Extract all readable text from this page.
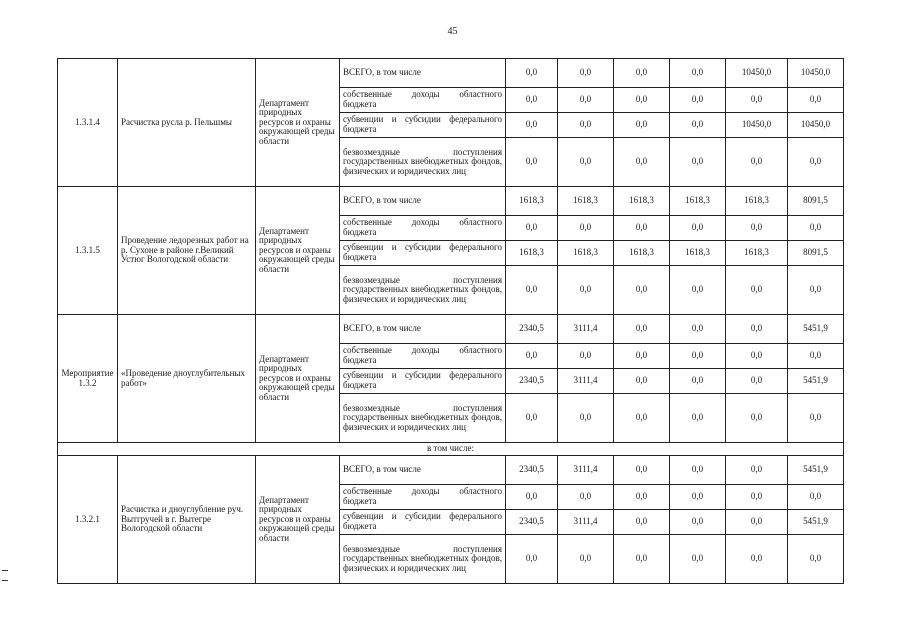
45
1.3.1.4	Расчистка русла р. Пельшмы	Департамент природных ресурсов и охраны окружающей среды области	ВСЕГО, в том числе	0,0	0,0	0,0	0,0	10450,0	10450,0
			собственные доходы областного бюджета	0,0	0,0	0,0	0,0	0,0	0,0
			субвенции и субсидии федерального бюджета	0,0	0,0	0,0	0,0	10450,0	10450,0
			безвозмездные поступления государственных внебюджетных фондов, физических и юридических лиц	0,0	0,0	0,0	0,0	0,0	0,0
1.3.1.5	Проведение ледорезных работ на р. Сухоне в районе г.Великий Устюг Вологодской области	Департамент природных ресурсов и охраны окружающей среды области	ВСЕГО, в том числе	1618,3	1618,3	1618,3	1618,3	1618,3	8091,5
			собственные доходы областного бюджета	0,0	0,0	0,0	0,0	0,0	0,0
			субвенции и субсидии федерального бюджета	1618,3	1618,3	1618,3	1618,3	1618,3	8091,5
			безвозмездные поступления государственных внебюджетных фондов, физических и юридических лиц	0,0	0,0	0,0	0,0	0,0	0,0
Мероприятие 1.3.2	«Проведение дноуглубительных работ»	Департамент природных ресурсов и охраны окружающей среды области	ВСЕГО, в том числе	2340,5	3111,4	0,0	0,0	0,0	5451,9
			собственные доходы областного бюджета	0,0	0,0	0,0	0,0	0,0	0,0
			субвенции и субсидии федерального бюджета	2340,5	3111,4	0,0	0,0	0,0	5451,9
			безвозмездные поступления государственных внебюджетных фондов, физических и юридических лиц	0,0	0,0	0,0	0,0	0,0	0,0
в том числе:									
1.3.2.1	Расчистка и дноуглубление руч. Вытгручей в г. Вытегре Вологодской области	Департамент природных ресурсов и охраны окружающей среды области	ВСЕГО, в том числе	2340,5	3111,4	0,0	0,0	0,0	5451,9
			собственные доходы областного бюджета	0,0	0,0	0,0	0,0	0,0	0,0
			субвенции и субсидии федерального бюджета	2340,5	3111,4	0,0	0,0	0,0	5451,9
			безвозмездные поступления государственных внебюджетных фондов, физических и юридических лиц	0,0	0,0	0,0	0,0	0,0	0,0
